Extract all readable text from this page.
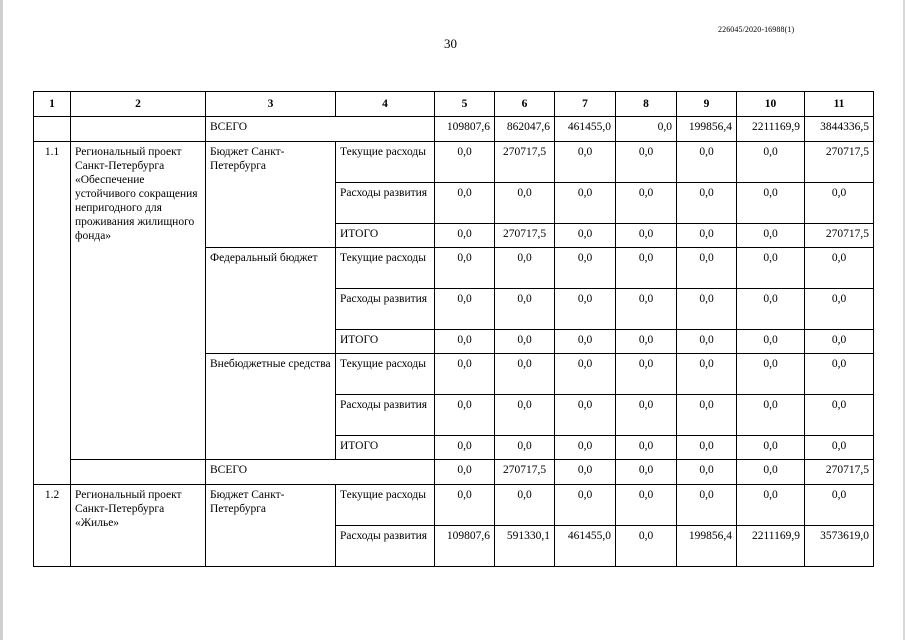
226045/2020-16988(1)
30
1	2	3	4	5	6	7	8	9	10	11
		ВСЕГО		109807,6	862047,6	461455,0	0,0	199856,4	2211169,9	3844336,5
1.1	Региональный проект Санкт-Петербурга «Обеспечение устойчивого сокращения непригодного для проживания жилищного фонда»	Бюджет Санкт-Петербурга	Текущие расходы	0,0	270717,5	0,0	0,0	0,0	0,0	270717,5
			Расходы развития	0,0	0,0	0,0	0,0	0,0	0,0	0,0
			ИТОГО	0,0	270717,5	0,0	0,0	0,0	0,0	270717,5
		Федеральный бюджет	Текущие расходы	0,0	0,0	0,0	0,0	0,0	0,0	0,0
			Расходы развития	0,0	0,0	0,0	0,0	0,0	0,0	0,0
			ИТОГО	0,0	0,0	0,0	0,0	0,0	0,0	0,0
		Внебюджетные средства	Текущие расходы	0,0	0,0	0,0	0,0	0,0	0,0	0,0
			Расходы развития	0,0	0,0	0,0	0,0	0,0	0,0	0,0
			ИТОГО	0,0	0,0	0,0	0,0	0,0	0,0	0,0
		ВСЕГО		0,0	270717,5	0,0	0,0	0,0	0,0	270717,5
1.2	Региональный проект Санкт-Петербурга «Жилье»	Бюджет Санкт-Петербурга	Текущие расходы	0,0	0,0	0,0	0,0	0,0	0,0	0,0
			Расходы развития	109807,6	591330,1	461455,0	0,0	199856,4	2211169,9	3573619,0
